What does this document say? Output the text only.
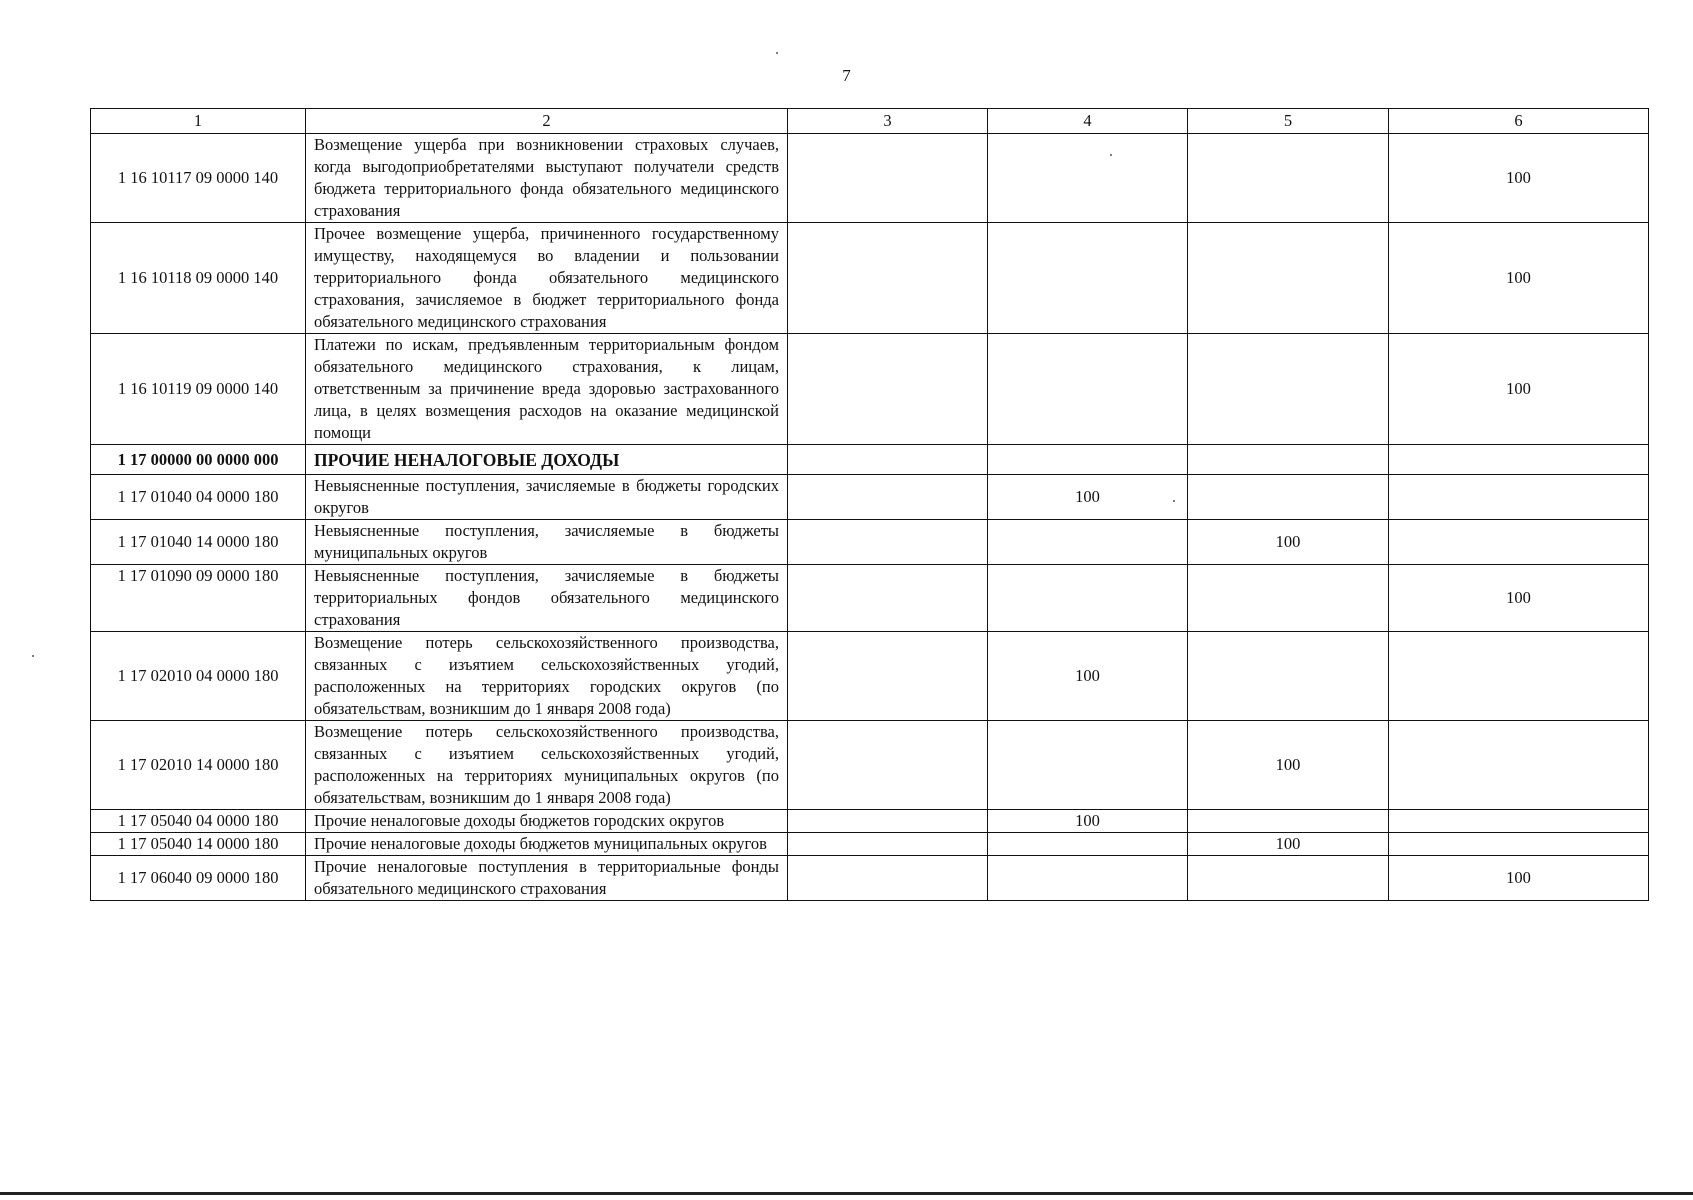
7
1	2	3	4	5	6
1 16 10117 09 0000 140	Возмещение ущерба при возникновении страховых случаев, когда выгодоприобретателями выступают получатели средств бюджета территориального фонда обязательного медицинского страхования				100
1 16 10118 09 0000 140	Прочее возмещение ущерба, причиненного государственному имуществу, находящемуся во владении и пользовании территориального фонда обязательного медицинского страхования, зачисляемое в бюджет территориального фонда обязательного медицинского страхования				100
1 16 10119 09 0000 140	Платежи по искам, предъявленным территориальным фондом обязательного медицинского страхования, к лицам, ответственным за причинение вреда здоровью застрахованного лица, в целях возмещения расходов на оказание медицинской помощи				100
1 17 00000 00 0000 000	ПРОЧИЕ НЕНАЛОГОВЫЕ ДОХОДЫ				
1 17 01040 04 0000 180	Невыясненные поступления, зачисляемые в бюджеты городских округов		100		
1 17 01040 14 0000 180	Невыясненные поступления, зачисляемые в бюджеты муниципальных округов			100	
1 17 01090 09 0000 180	Невыясненные поступления, зачисляемые в бюджеты территориальных фондов обязательного медицинского страхования				100
1 17 02010 04 0000 180	Возмещение потерь сельскохозяйственного производства, связанных с изъятием сельскохозяйственных угодий, расположенных на территориях городских округов (по обязательствам, возникшим до 1 января 2008 года)		100		
1 17 02010 14 0000 180	Возмещение потерь сельскохозяйственного производства, связанных с изъятием сельскохозяйственных угодий, расположенных на территориях муниципальных округов (по обязательствам, возникшим до 1 января 2008 года)			100	
1 17 05040 04 0000 180	Прочие неналоговые доходы бюджетов городских округов		100		
1 17 05040 14 0000 180	Прочие неналоговые доходы бюджетов муниципальных округов			100	
1 17 06040 09 0000 180	Прочие неналоговые поступления в территориальные фонды обязательного медицинского страхования				100
